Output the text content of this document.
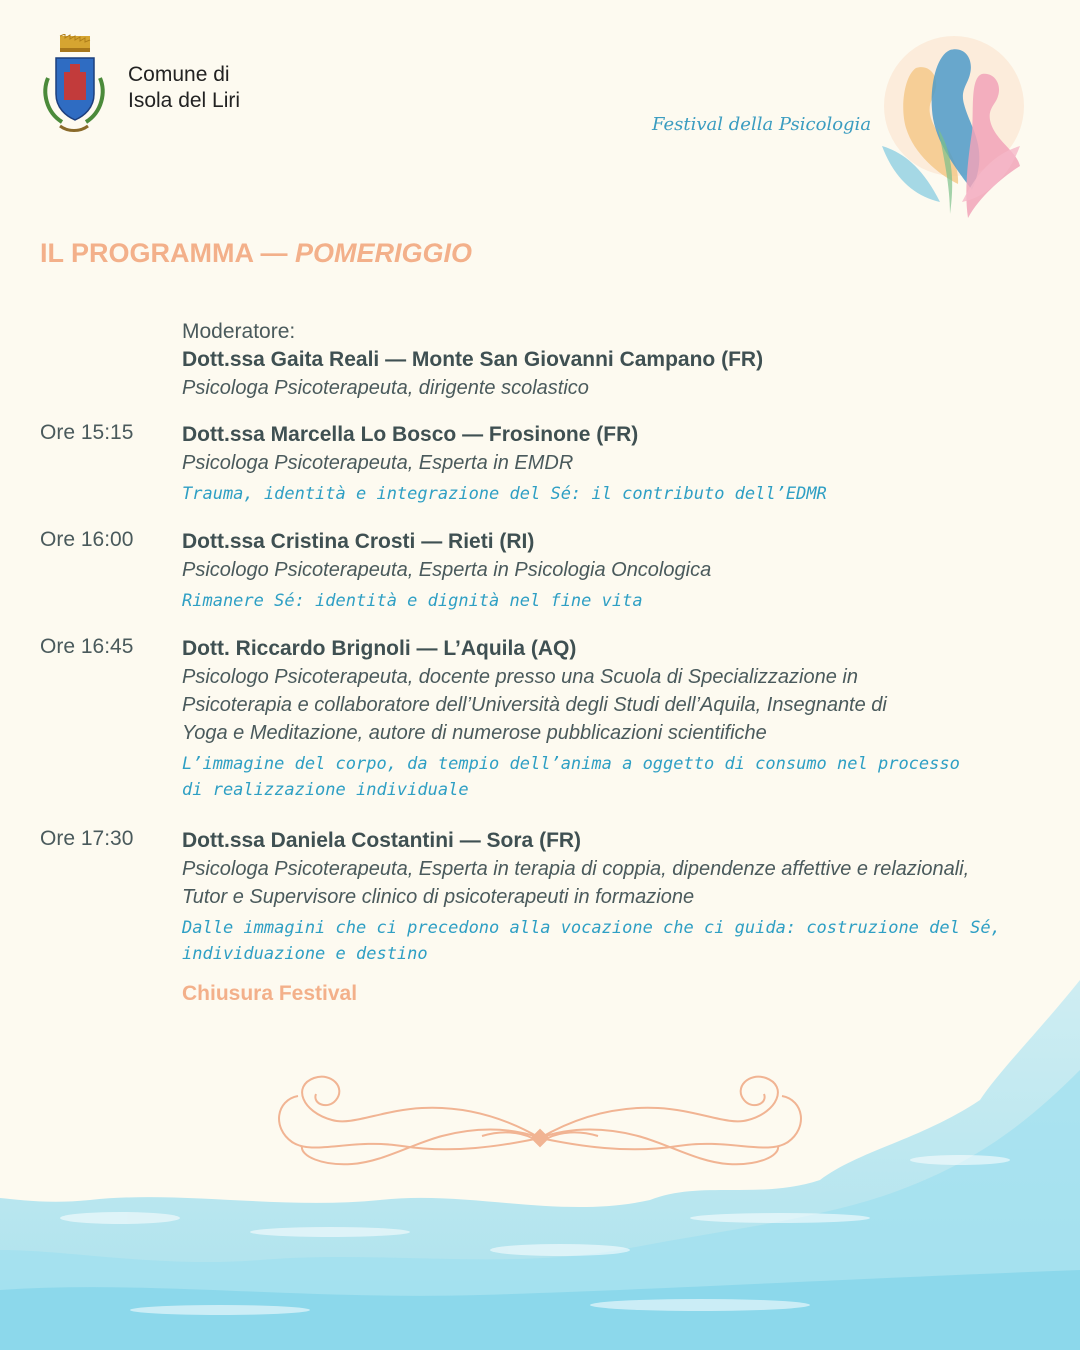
Comune di
Isola del Liri
Festival della Psicologia
IL PROGRAMMA — POMERIGGIO
Moderatore:
Dott.ssa Gaita Reali — Monte San Giovanni Campano (FR)
Psicologa Psicoterapeuta, dirigente scolastico
Ore 15:15	Dott.ssa Marcella Lo Bosco — Frosinone (FR)
Psicologa Psicoterapeuta, Esperta in EMDR
Trauma, identità e integrazione del Sé: il contributo dell’EDMR
Ore 16:00	Dott.ssa Cristina Crosti — Rieti (RI)
Psicologo Psicoterapeuta, Esperta in Psicologia Oncologica
Rimanere Sé: identità e dignità nel fine vita
Ore 16:45	Dott. Riccardo Brignoli — L’Aquila (AQ)
Psicologo Psicoterapeuta, docente presso una Scuola di Specializzazione in
Psicoterapia e collaboratore dell’Università degli Studi dell’Aquila, Insegnante di
Yoga e Meditazione, autore di numerose pubblicazioni scientifiche
L’immagine del corpo, da tempio dell’anima a oggetto di consumo nel processo
di realizzazione individuale
Ore 17:30	Dott.ssa Daniela Costantini — Sora (FR)
Psicologa Psicoterapeuta, Esperta in terapia di coppia, dipendenze affettive e relazionali,
Tutor e Supervisore clinico di psicoterapeuti in formazione
Dalle immagini che ci precedono alla vocazione che ci guida: costruzione del Sé,
individuazione e destino
Chiusura Festival
